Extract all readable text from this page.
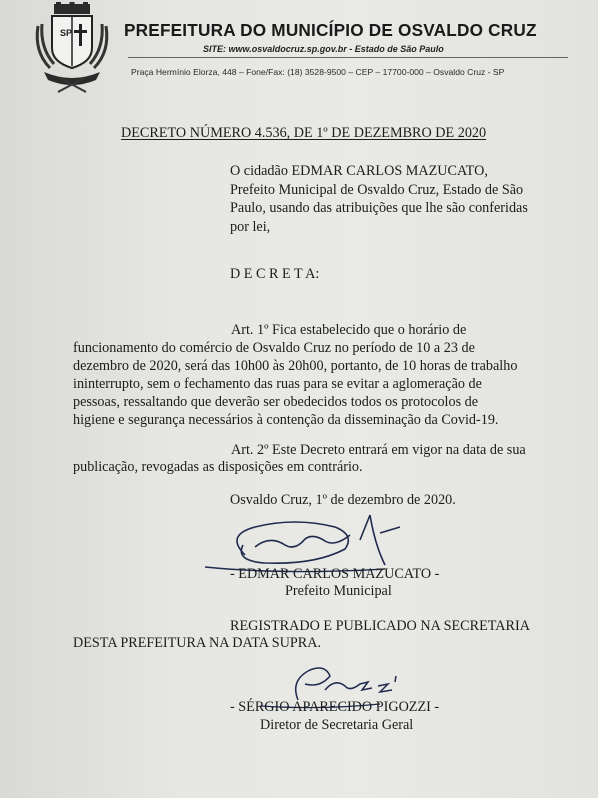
SP	PREFEITURA DO MUNICÍPIO DE OSVALDO CRUZ
SITE: www.osvaldocruz.sp.gov.br - Estado de São Paulo
Praça Hermínio Elorza, 448 – Fone/Fax: (18) 3528-9500 – CEP – 17700-000 – Osvaldo Cruz - SP
DECRETO NÚMERO 4.536, DE 1º DE DEZEMBRO DE 2020
O cidadão EDMAR CARLOS MAZUCATO,
Prefeito Municipal de Osvaldo Cruz, Estado de São
Paulo, usando das atribuições que lhe são conferidas
por lei,
D E C R E T A:
Art. 1º Fica estabelecido que o horário de
funcionamento do comércio de Osvaldo Cruz no período de 10 a 23 de
dezembro de 2020, será das 10h00 às 20h00, portanto, de 10 horas de trabalho
ininterrupto, sem o fechamento das ruas para se evitar a aglomeração de
pessoas, ressaltando que deverão ser obedecidos todos os protocolos de
higiene e segurança necessários à contenção da disseminação da Covid-19.
Art. 2º Este Decreto entrará em vigor na data de sua
publicação, revogadas as disposições em contrário.
Osvaldo Cruz, 1º de dezembro de 2020.
- EDMAR CARLOS MAZUCATO -
Prefeito Municipal
REGISTRADO E PUBLICADO NA SECRETARIA
DESTA PREFEITURA NA DATA SUPRA.
- SÉRGIO APARECIDO PIGOZZI -
Diretor de Secretaria Geral
